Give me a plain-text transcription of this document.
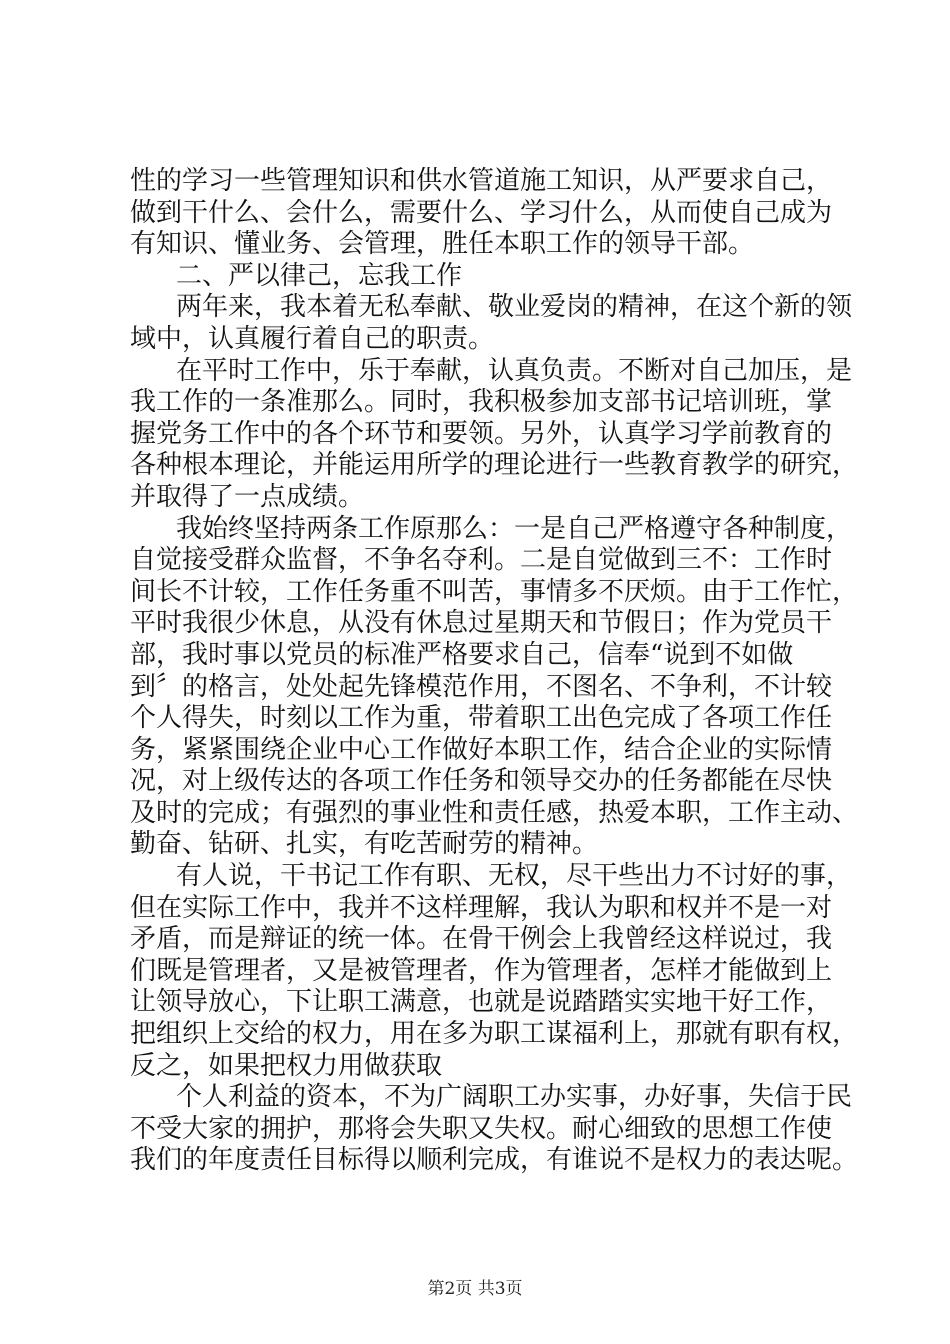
性的学习一些管理知识和供水管道施工知识，从严要求自己，
做到干什么、会什么，需要什么、学习什么，从而使自己成为
有知识、懂业务、会管理，胜任本职工作的领导干部。
二、严以律己，忘我工作
两年来，我本着无私奉献、敬业爱岗的精神，在这个新的领
域中，认真履行着自己的职责。
在平时工作中，乐于奉献，认真负责。不断对自己加压，是
我工作的一条准那么。同时，我积极参加支部书记培训班，掌
握党务工作中的各个环节和要领。另外，认真学习学前教育的
各种根本理论，并能运用所学的理论进行一些教育教学的研究，
并取得了一点成绩。
我始终坚持两条工作原那么：一是自己严格遵守各种制度，
自觉接受群众监督，不争名夺利。二是自觉做到三不：工作时
间长不计较，工作任务重不叫苦，事情多不厌烦。由于工作忙，
平时我很少休息，从没有休息过星期天和节假日；作为党员干
部，我时事以党员的标准严格要求自己，信奉“说到不如做
到〞的格言，处处起先锋模范作用，不图名、不争利，不计较
个人得失，时刻以工作为重，带着职工出色完成了各项工作任
务，紧紧围绕企业中心工作做好本职工作，结合企业的实际情
况，对上级传达的各项工作任务和领导交办的任务都能在尽快
及时的完成；有强烈的事业性和责任感，热爱本职，工作主动、
勤奋、钻研、扎实，有吃苦耐劳的精神。
有人说，干书记工作有职、无权，尽干些出力不讨好的事，
但在实际工作中，我并不这样理解，我认为职和权并不是一对
矛盾，而是辩证的统一体。在骨干例会上我曾经这样说过，我
们既是管理者，又是被管理者，作为管理者，怎样才能做到上
让领导放心，下让职工满意，也就是说踏踏实实地干好工作，
把组织上交给的权力，用在多为职工谋福利上，那就有职有权，
反之，如果把权力用做获取
个人利益的资本，不为广阔职工办实事，办好事，失信于民
不受大家的拥护，那将会失职又失权。耐心细致的思想工作使
我们的年度责任目标得以顺利完成，有谁说不是权力的表达呢。
第2页 共3页
